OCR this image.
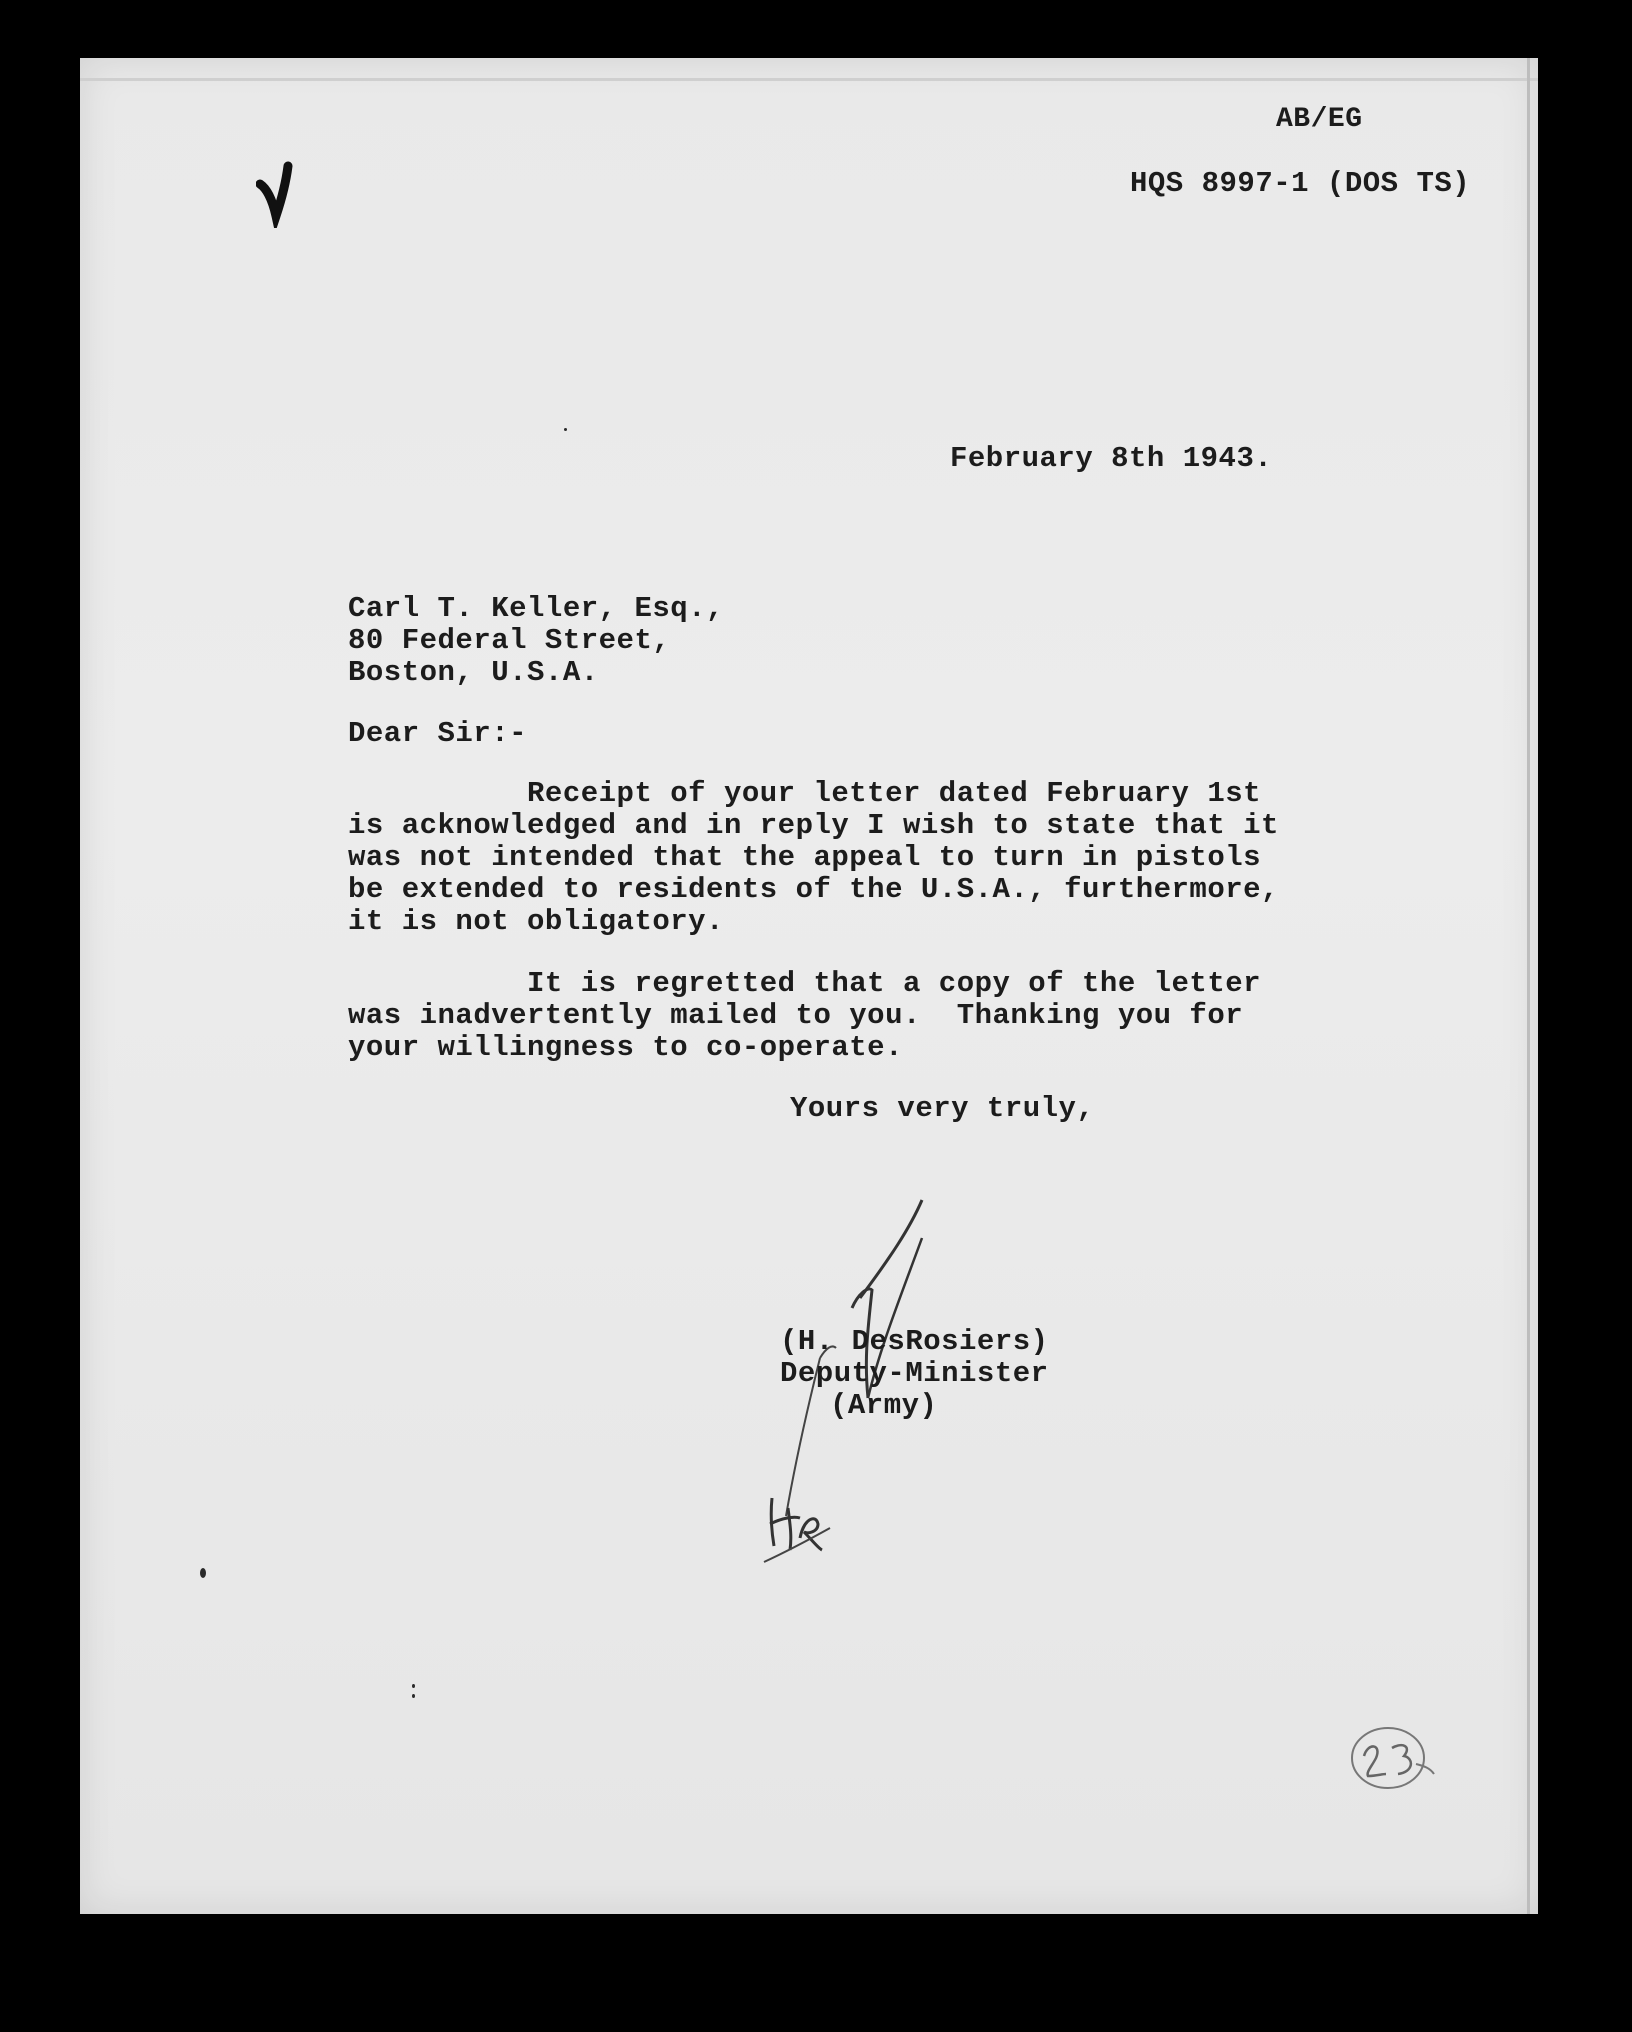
AB/EG
HQS 8997-1 (DOS TS)
February 8th 1943.
Carl T. Keller, Esq.,
80 Federal Street,
Boston, U.S.A.
Dear Sir:-
Receipt of your letter dated February 1st
is acknowledged and in reply I wish to state that it
was not intended that the appeal to turn in pistols
be extended to residents of the U.S.A., furthermore,
it is not obligatory.
It is regretted that a copy of the letter
was inadvertently mailed to you.  Thanking you for
your willingness to co-operate.
Yours very truly,
(H. DesRosiers)
Deputy-Minister
(Army)
